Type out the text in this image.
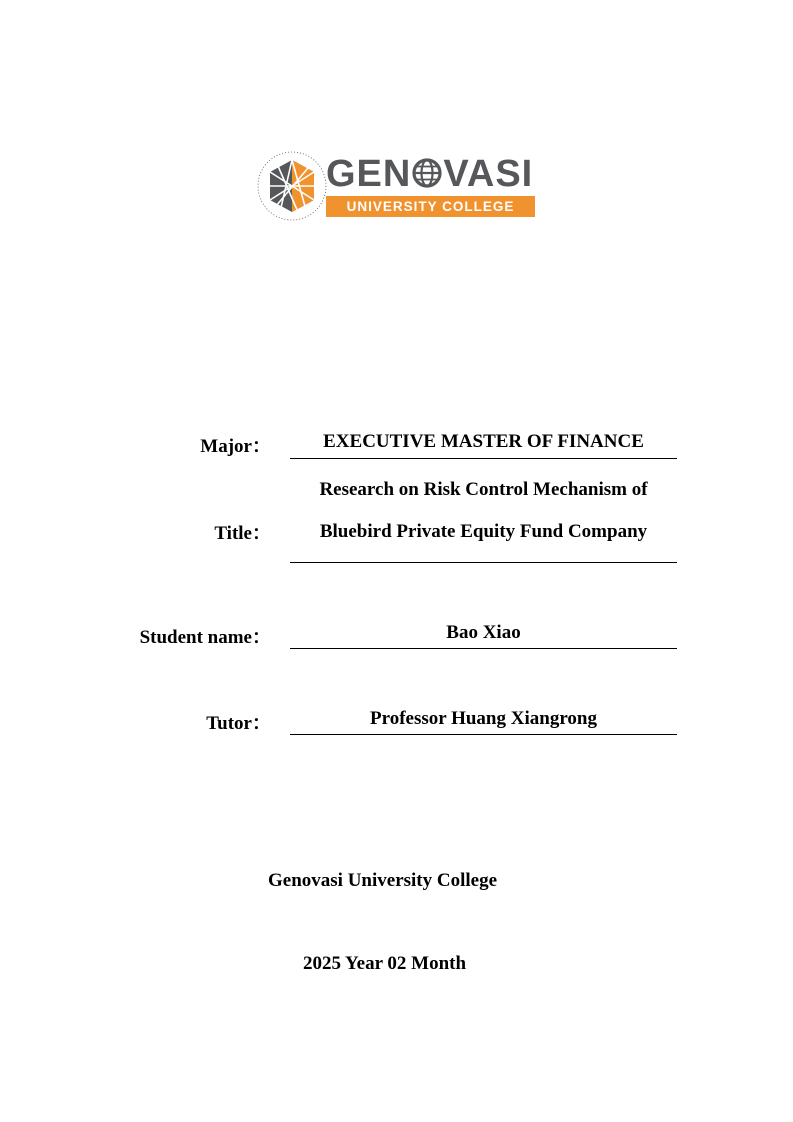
GEN VASI
UNIVERSITY COLLEGE
Major：	EXECUTIVE MASTER OF FINANCE
Research on Risk Control Mechanism of
Title：	Bluebird Private Equity Fund Company
Student name：	Bao Xiao
Tutor：	Professor Huang Xiangrong
Genovasi University College
2025 Year 02 Month
